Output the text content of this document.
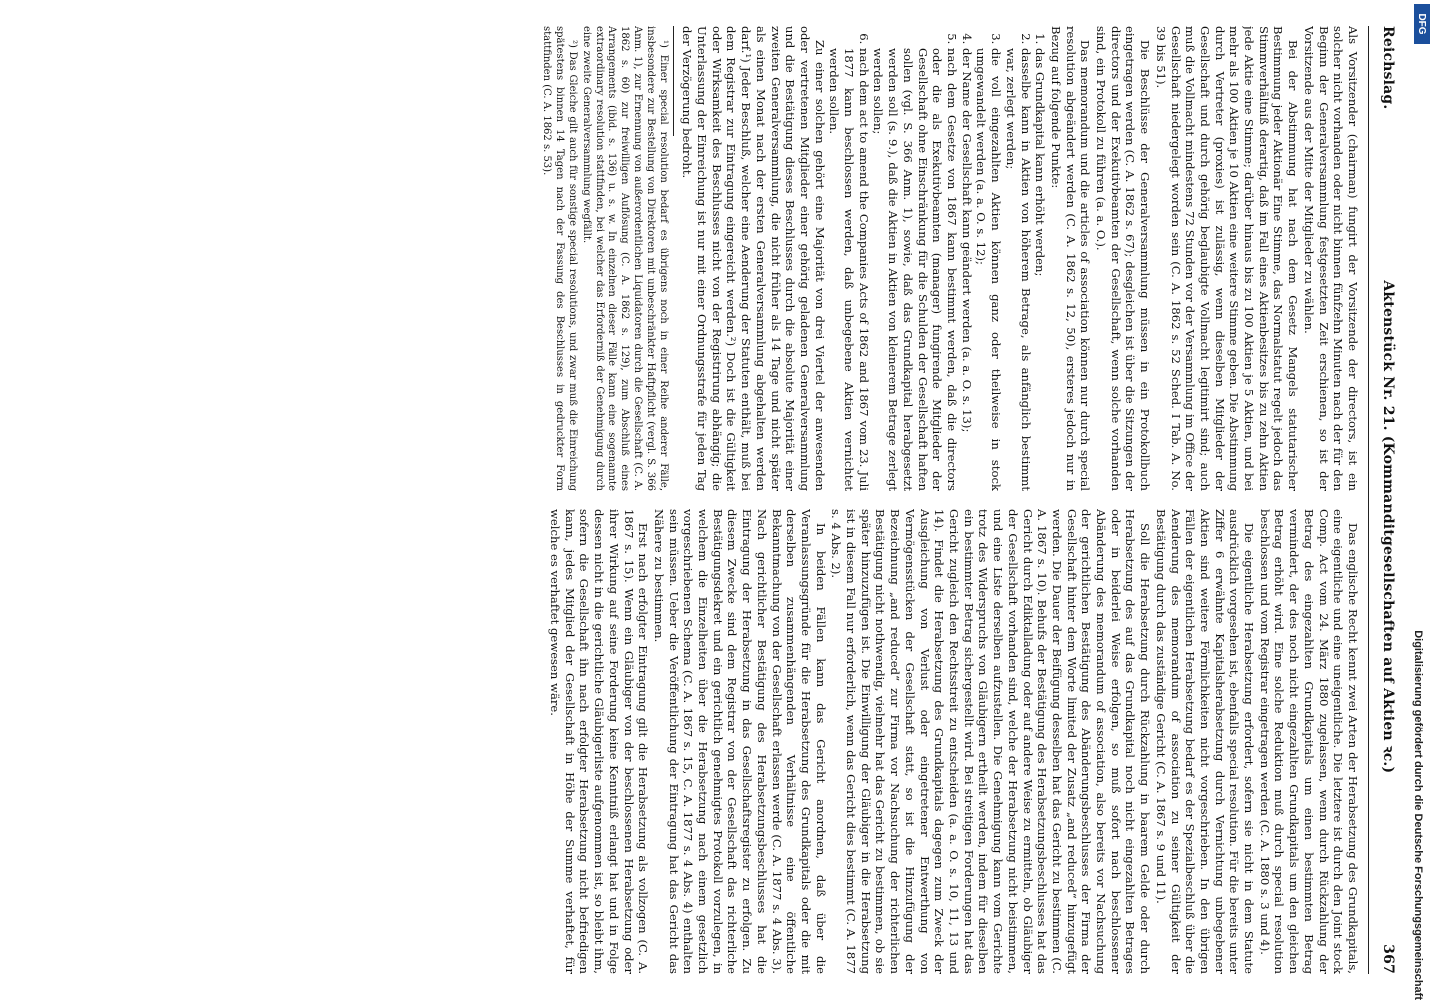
Reichslag.
Aktenstück Nr. 21. (Kommanditgesellschaften auf Aktien ꝛc.)
367

Als Vorsitzender (chairman) fungirt der Vorsitzende der directors, ist ein solcher nicht vorhanden oder nicht binnen fünfzehn Minuten nach der für den Beginn der Generalversammlung festgesetzten Zeit erschienen, so ist der Vorsitzende aus der Mitte der Mitglieder zu wählen.

Bei der Abstimmung hat nach dem Gesetz Mangels statutarischer Bestimmung jeder Aktionär Eine Stimme, das Normalstatut regelt jedoch das Stimmverhältniß derartig, daß im Fall eines Aktienbesitzes bis zu zehn Aktien jede Aktie eine Stimme; darüber hinaus bis zu 100 Aktien je 5 Aktien, und bei mehr als 100 Aktien je 10 Aktien eine weitere Stimme geben. Die Abstimmung durch Vertreter (proxies) ist zulässig, wenn dieselben Mitglieder der Gesellschaft und durch gehörig beglaubigte Vollmacht legitimirt sind; auch muß die Vollmacht mindestens 72 Stunden vor der Versammlung im Office der Gesellschaft niedergelegt worden sein (C. A. 1862 s. 52 Sched. I Tab. A. No. 39 bis 51).

Die Beschlüsse der Generalversammlung müssen in ein Protokollbuch eingetragen werden (C. A. 1862 s. 67); desgleichen ist über die Sitzungen der directors und der Exekutivbeamten der Gesellschaft, wenn solche vorhanden sind, ein Protokoll zu führen (a. a. O.).

Das memorandum und die articles of association können nur durch special resolution abgeändert werden (C. A. 1862 s. 12, 50), ersteres jedoch nur in Bezug auf folgende Punkte:

1. das Grundkapital kann erhöht werden;
2. dasselbe kann in Aktien von höherem Betrage, als anfänglich bestimmt war, zerlegt werden;
3. die voll eingezahlten Aktien können ganz oder theilweise in stock umgewandelt werden (a. a. O. s. 12);
4. der Name der Gesellschaft kann geändert werden (a. a. O. s. 13);
5. nach dem Gesetze von 1867 kann bestimmt werden, daß die directors oder die als Exekutivbeamten (manager) fungirende Mitglieder der Gesellschaft ohne Einschränkung für die Schulden der Gesellschaft haften sollen (vgl. S. 366 Anm. 1), sowie, daß das Grundkapital herabgesetzt werden soll (s. 9.), daß die Aktien in Aktien von kleinerem Betrage zerlegt werden sollen;
6. nach dem act to amend the Companies Acts of 1862 and 1867 vom 23. Juli 1877 kann beschlossen werden, daß unbegebene Aktien vernichtet werden sollen.

Zu einer solchen gehört eine Majorität von drei Viertel der anwesenden oder vertretenen Mitglieder einer gehörig geladenen Generalversammlung und die Bestätigung dieses Beschlusses durch die absolute Majorität einer zweiten Generalversammlung, die nicht früher als 14 Tage und nicht später als einen Monat nach der ersten Generalversammlung abgehalten werden darf.¹) Jeder Beschluß, welcher eine Aenderung der Statuten enthält, muß bei dem Registrar zur Eintragung eingereicht werden.²) Doch ist die Gültigkeit oder Wirksamkeit des Beschlusses nicht von der Registrirung abhängig; die Unterlassung der Einreichung ist nur mit einer Ordnungsstrafe für jeden Tag der Verzögerung bedroht.

¹) Einer special resolution bedarf es übrigens noch in einer Reihe anderer Fälle, insbesondere zur Bestellung von Direktoren mit unbeschränkter Haftpflicht (vergl. S. 366 Anm. 1), zur Ernennung von außerordentlichen Liquidatoren durch die Gesellschaft (C. A. 1862 s. 60) zur freiwilligen Auflösung (C. A. 1862 s. 129), zum Abschluß eines Arrangements (ibid. s. 136) u. s. w. In einzelnen dieser Fälle kann eine sogenannte extraordinary resolution stattfinden, bei welcher das Erforderniß der Genehmigung durch eine zweite Generalversammlung wegfällt.

²) Das Gleiche gilt auch für sonstige special resolutions, und zwar muß die Einreichung spätestens binnen 14 Tagen nach der Fassung des Beschlusses in gedruckter Form stattfinden (C. A. 1862 s. 53).

Das englische Recht kennt zwei Arten der Herabsetzung des Grundkapitals, eine eigentliche und eine uneigentliche. Die letztere ist durch den Joint stock Comp. Act vom 24. März 1880 zugelassen, wenn durch Rückzahlung der Betrag des eingezahlten Grundkapitals um einen bestimmten Betrag vermindert, der des noch nicht eingezahlten Grundkapitals um den gleichen Betrag erhöht wird. Eine solche Reduktion muß durch special resolution beschlossen und vom Registrar eingetragen werden (C. A. 1880 s. 3 und 4).

Die eigentliche Herabsetzung erfordert, sofern sie nicht in dem Statute ausdrücklich vorgesehen ist, ebenfalls special resolution. Für die bereits unter Ziffer 6 erwähnte Kapitalsherabsetzung durch Vernichtung unbegebener Aktien sind weitere Förmlichkeiten nicht vorgeschrieben. In den übrigen Fällen der eigentlichen Herabsetzung bedarf es der Spezialbeschluß über die Aenderung des memorandum of association zu seiner Gültigkeit der Bestätigung durch das zuständige Gericht (C. A. 1867 s. 9 und 11).

Soll die Herabsetzung durch Rückzahlung in baarem Gelde oder durch Herabsetzung des auf das Grundkapital noch nicht eingezahlten Betrages oder in beiderlei Weise erfolgen, so muß sofort nach beschlossener Abänderung des memorandum of association, also bereits vor Nachsuchung der gerichtlichen Bestätigung des Abänderungsbeschlusses der Firma der Gesellschaft hinter dem Worte limited der Zusatz „and reduced“ hinzugefügt werden. Die Dauer der Beifügung desselben hat das Gericht zu bestimmen (C. A. 1867 s. 10). Behufs der Bestätigung des Herabsetzungsbeschlusses hat das Gericht durch Ediktalladung oder auf andere Weise zu ermitteln, ob Gläubiger der Gesellschaft vorhanden sind, welche der Herabsetzung nicht beistimmen, und eine Liste derselben aufzustellen. Die Genehmigung kann vom Gerichte trotz des Widerspruchs von Gläubigern ertheilt werden, indem für dieselben ein bestimmter Betrag sichergestellt wird. Bei streitigen Forderungen hat das Gericht zugleich den Rechtsstreit zu entscheiden (a. a. O. s. 10, 11, 13 und 14). Findet die Herabsetzung des Grundkapitals dagegen zum Zweck der Ausgleichung von Verlust oder eingetretener Entwerthung von Vermögensstücken der Gesellschaft statt, so ist die Hinzufügung der Bezeichnung „and reduced“ zur Firma vor Nachsuchung der richterlichen Bestätigung nicht nothwendig, vielmehr hat das Gericht zu bestimmen, ob sie später hinzuzufügen ist. Die Einwilligung der Gläubiger in die Herabsetzung ist in diesem Fall nur erforderlich, wenn das Gericht dies bestimmt (C. A. 1877 s. 4 Abs. 2).

In beiden Fällen kann das Gericht anordnen, daß über die Veranlassungsgründe für die Herabsetzung des Grundkapitals oder die mit derselben zusammenhängenden Verhältnisse eine öffentliche Bekanntmachung von der Gesellschaft erlassen werde (C. A. 1877 s. 4 Abs. 3). Nach gerichtlicher Bestätigung des Herabsetzungsbeschlusses hat die Eintragung der Herabsetzung in das Gesellschaftsregister zu erfolgen. Zu diesem Zwecke sind dem Registrar von der Gesellschaft das richterliche Bestätigungsdekret und ein gerichtlich genehmigtes Protokoll vorzulegen, in welchem die Einzelheiten über die Herabsetzung nach einem gesetzlich vorgeschriebenen Schema (C. A. 1867 s. 15, C. A. 1877 s. 4 Abs. 4) enthalten sein müssen. Ueber die Veröffentlichung der Eintragung hat das Gericht das Nähere zu bestimmen.

Erst nach erfolgter Eintragung gilt die Herabsetzung als vollzogen (C. A. 1867 s. 15). Wenn ein Gläubiger von der beschlossenen Herabsetzung oder ihrer Wirkung auf seine Forderung keine Kenntniß erlangt hat und in Folge dessen nicht in die gerichtliche Gläubigerliste aufgenommen ist, so bleibt ihm, sofern die Gesellschaft ihn nach erfolgter Herabsetzung nicht befriedigen kann, jedes Mitglied der Gesellschaft in Höhe der Summe verhaftet, für welche es verhaftet gewesen wäre.

DFG
Digitalisierung gefördert durch die Deutsche Forschungsgemeinschaft
